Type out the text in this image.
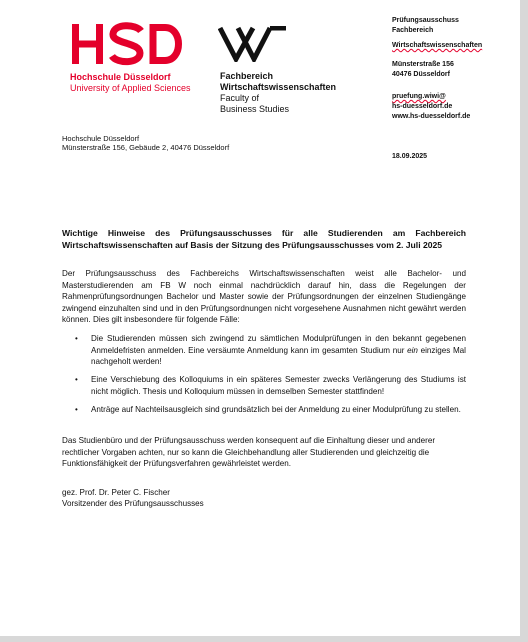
Hochschule Düsseldorf
University of Applied Sciences
Fachbereich
Wirtschaftswissenschaften
Faculty of
Business Studies
Prüfungsausschuss
Fachbereich
Wirtschaftswissenschaften
Münsterstraße 156
40476 Düsseldorf
pruefung.wiwi@
hs-duesseldorf.de
www.hs-duesseldorf.de
Hochschule Düsseldorf
Münsterstraße 156, Gebäude 2, 40476 Düsseldorf
18.09.2025
Wichtige Hinweise des Prüfungsausschusses für alle Studierenden am Fachbereich Wirtschaftswissenschaften auf Basis der Sitzung des Prüfungsausschusses vom 2. Juli 2025

Der Prüfungsausschuss des Fachbereichs Wirtschaftswissenschaften weist alle Bachelor- und Masterstudierenden am FB W noch einmal nachdrücklich darauf hin, dass die Regelungen der Rahmenprüfungsordnungen Bachelor und Master sowie der Prüfungsordnungen der einzelnen Studiengänge zwingend einzuhalten sind und in den Prüfungsordnungen nicht vorgesehene Ausnahmen nicht gewährt werden können. Dies gilt insbesondere für folgende Fälle:

• Die Studierenden müssen sich zwingend zu sämtlichen Modulprüfungen in den bekannt gegebenen Anmeldefristen anmelden. Eine versäumte Anmeldung kann im gesamten Studium nur ein einziges Mal nachgeholt werden!
• Eine Verschiebung des Kolloquiums in ein späteres Semester zwecks Verlängerung des Studiums ist nicht möglich. Thesis und Kolloquium müssen in demselben Semester stattfinden!
• Anträge auf Nachteilsausgleich sind grundsätzlich bei der Anmeldung zu einer Modulprüfung zu stellen.

Das Studienbüro und der Prüfungsausschuss werden konsequent auf die Einhaltung dieser und anderer rechtlicher Vorgaben achten, nur so kann die Gleichbehandlung aller Studierenden und gleichzeitig die Funktionsfähigkeit der Prüfungsverfahren gewährleistet werden.

gez. Prof. Dr. Peter C. Fischer
Vorsitzender des Prüfungsausschusses
